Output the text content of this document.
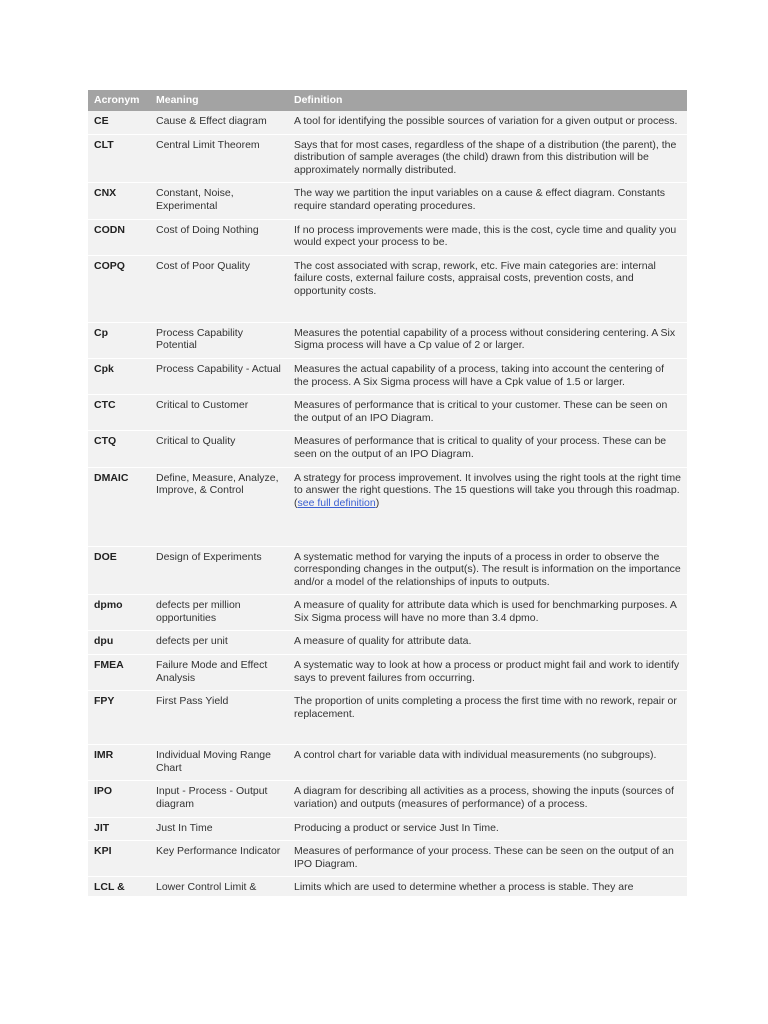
Acronym	Meaning	Definition
CE	Cause & Effect diagram	A tool for identifying the possible sources of variation for a given output or process.
CLT	Central Limit Theorem	Says that for most cases, regardless of the shape of a distribution (the parent), the distribution of sample averages (the child) drawn from this distribution will be approximately normally distributed.
CNX	Constant, Noise, Experimental	The way we partition the input variables on a cause & effect diagram. Constants require standard operating procedures.
CODN	Cost of Doing Nothing	If no process improvements were made, this is the cost, cycle time and quality you would expect your process to be.
COPQ	Cost of Poor Quality	The cost associated with scrap, rework, etc. Five main categories are: internal failure costs, external failure costs, appraisal costs, prevention costs, and opportunity costs.
Cp	Process Capability Potential	Measures the potential capability of a process without considering centering. A Six Sigma process will have a Cp value of 2 or larger.
Cpk	Process Capability - Actual	Measures the actual capability of a process, taking into account the centering of the process. A Six Sigma process will have a Cpk value of 1.5 or larger.
CTC	Critical to Customer	Measures of performance that is critical to your customer. These can be seen on the output of an IPO Diagram.
CTQ	Critical to Quality	Measures of performance that is critical to quality of your process. These can be seen on the output of an IPO Diagram.
DMAIC	Define, Measure, Analyze, Improve, & Control	A strategy for process improvement. It involves using the right tools at the right time to answer the right questions. The 15 questions will take you through this roadmap.
(see full definition)
DOE	Design of Experiments	A systematic method for varying the inputs of a process in order to observe the corresponding changes in the output(s). The result is information on the importance and/or a model of the relationships of inputs to outputs.
dpmo	defects per million opportunities	A measure of quality for attribute data which is used for benchmarking purposes. A Six Sigma process will have no more than 3.4 dpmo.
dpu	defects per unit	A measure of quality for attribute data.
FMEA	Failure Mode and Effect Analysis	A systematic way to look at how a process or product might fail and work to identify says to prevent failures from occurring.
FPY	First Pass Yield	The proportion of units completing a process the first time with no rework, repair or replacement.
IMR	Individual Moving Range Chart	A control chart for variable data with individual measurements (no subgroups).
IPO	Input - Process - Output diagram	A diagram for describing all activities as a process, showing the inputs (sources of variation) and outputs (measures of performance) of a process.
JIT	Just In Time	Producing a product or service Just In Time.
KPI	Key Performance Indicator	Measures of performance of your process. These can be seen on the output of an IPO Diagram.
LCL &	Lower Control Limit &	Limits which are used to determine whether a process is stable. They are
